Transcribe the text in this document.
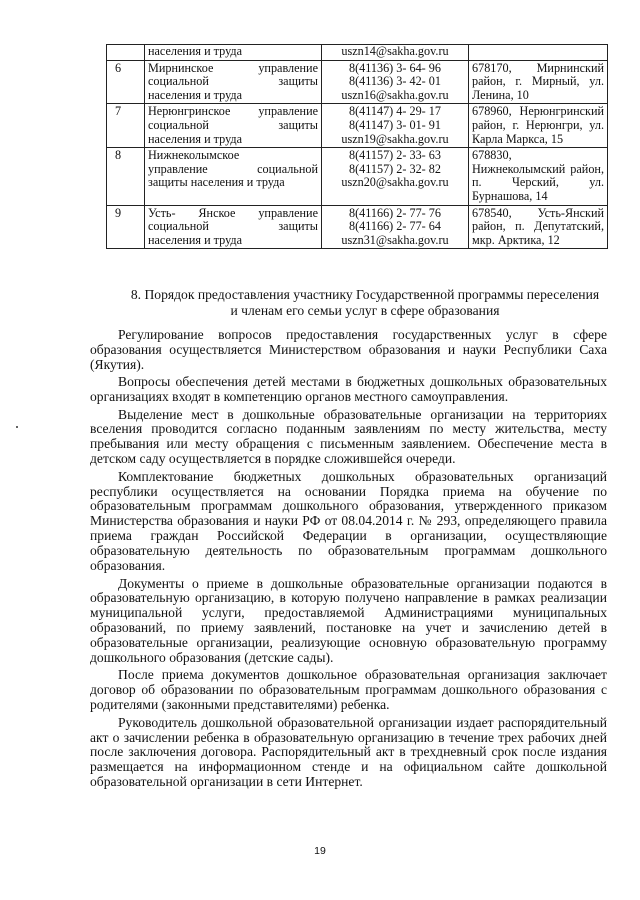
	населения и труда	uszn14@sakha.gov.ru	

6	Мирнинское управление
социальной защиты
населения и труда	8(41136) 3- 64- 96
8(41136) 3- 42- 01
uszn16@sakha.gov.ru	678170, Мирнинский
район, г. Мирный, ул.
Ленина, 10

7	Нерюнгринское управление
социальной защиты
населения и труда	8(41147) 4- 29- 17
8(41147) 3- 01- 91
uszn19@sakha.gov.ru	678960, Нерюнгринский
район, г. Нерюнгри, ул.
Карла Маркса, 15

8	Нижнеколымское
управление социальной
защиты населения и труда	8(41157) 2- 33- 63
8(41157) 2- 32- 82
uszn20@sakha.gov.ru	678830,
Нижнеколымский район,
п. Черский, ул.
Бурнашова, 14

9	Усть- Янское управление
социальной защиты
населения и труда	8(41166) 2- 77- 76
8(41166) 2- 77- 64
uszn31@sakha.gov.ru	678540, Усть-Янский
район, п. Депутатский,
мкр. Арктика, 12
8. Порядок предоставления участнику Государственной программы переселения
и членам его семьи услуг в сфере образования

Регулирование вопросов предоставления государственных услуг в сфере образования осуществляется Министерством образования и науки Республики Саха (Якутия).

Вопросы обеспечения детей местами в бюджетных дошкольных образовательных организациях входят в компетенцию органов местного самоуправления.

Выделение мест в дошкольные образовательные организации на территориях вселения проводится согласно поданным заявлениям по месту жительства, месту пребывания или месту обращения с письменным заявлением. Обеспечение места в детском саду осуществляется в порядке сложившейся очереди.

Комплектование бюджетных дошкольных образовательных организаций республики осуществляется на основании Порядка приема на обучение по образовательным программам дошкольного образования, утвержденного приказом Министерства образования и науки РФ от 08.04.2014 г. № 293, определяющего правила приема граждан Российской Федерации в организации, осуществляющие образовательную деятельность по образовательным программам дошкольного образования.

Документы о приеме в дошкольные образовательные организации подаются в образовательную организацию, в которую получено направление в рамках реализации муниципальной услуги, предоставляемой Администрациями муниципальных образований, по приему заявлений, постановке на учет и зачислению детей в образовательные организации, реализующие основную образовательную программу дошкольного образования (детские сады).

После приема документов дошкольное образовательная организация заключает договор об образовании по образовательным программам дошкольного образования с родителями (законными представителями) ребенка.

Руководитель дошкольной образовательной организации издает распорядительный акт о зачислении ребенка в образовательную организацию в течение трех рабочих дней после заключения договора. Распорядительный акт в трехдневный срок после издания размещается на информационном стенде и на официальном сайте дошкольной образовательной организации в сети Интернет.

19
